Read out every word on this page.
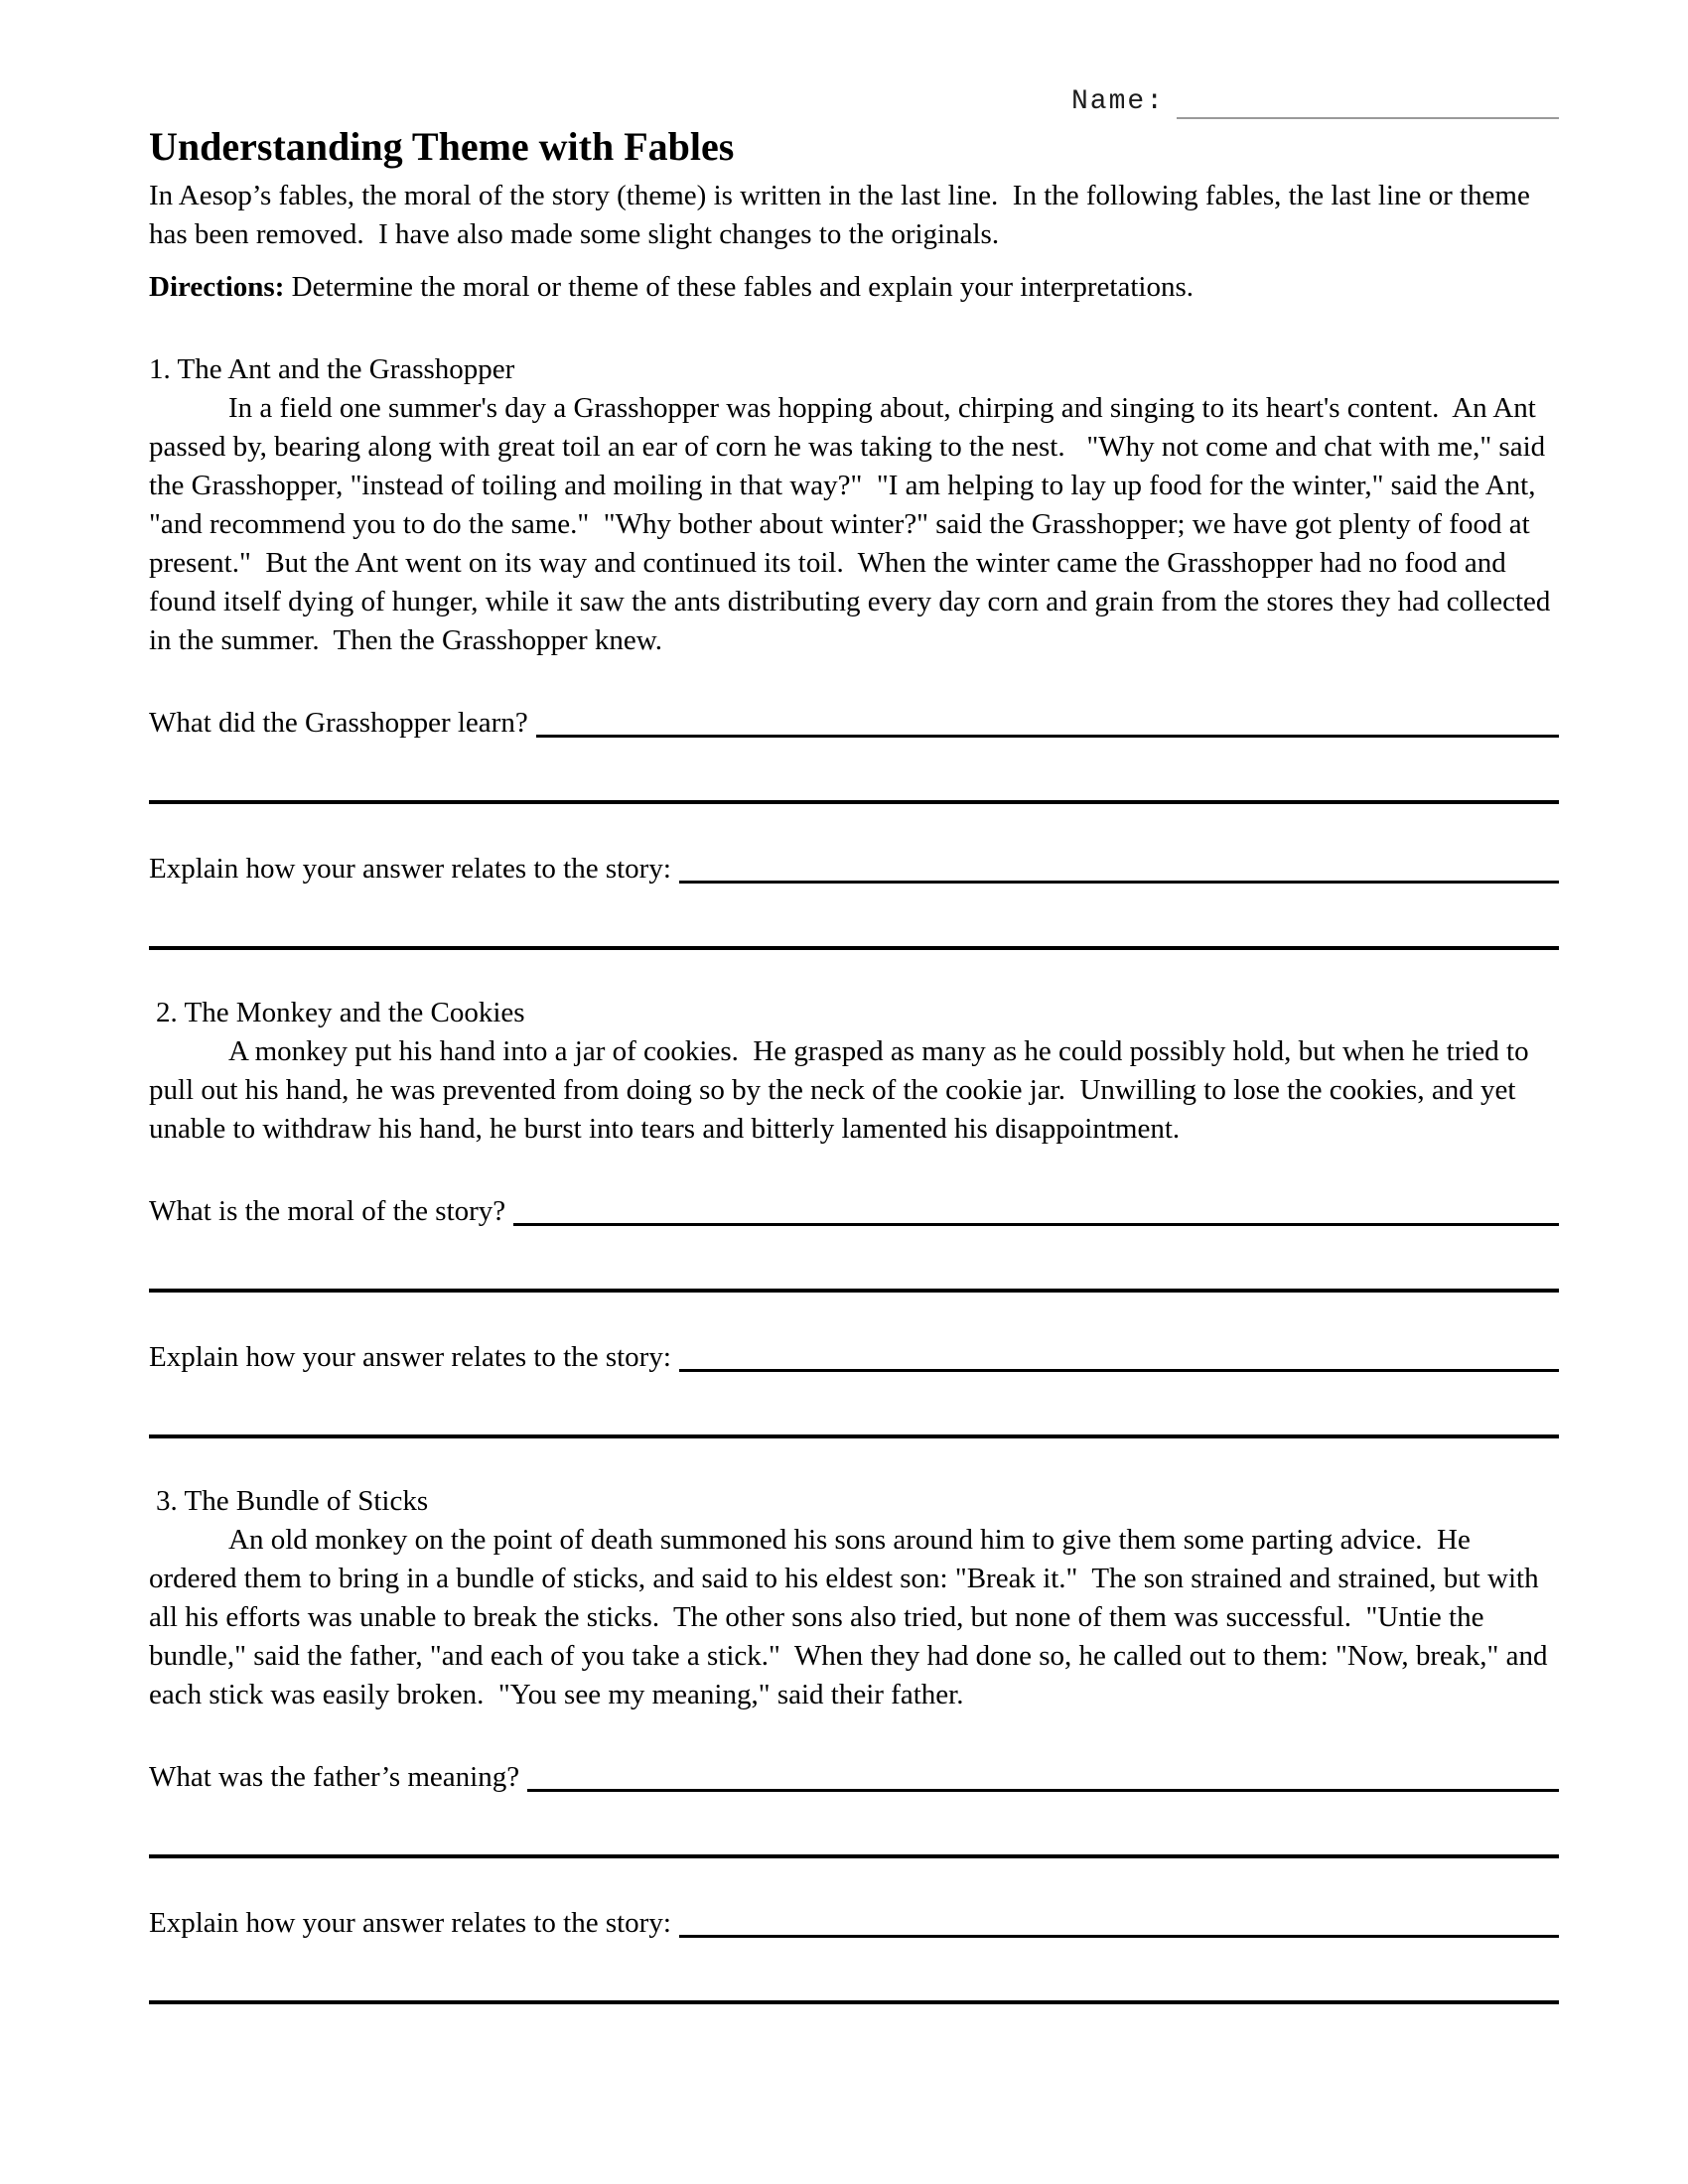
Name:
Understanding Theme with Fables
In Aesop’s fables, the moral of the story (theme) is written in the last line.  In the following fables, the last line or theme has been removed.  I have also made some slight changes to the originals.
Directions: Determine the moral or theme of these fables and explain your interpretations.
1. The Ant and the Grasshopper
In a field one summer's day a Grasshopper was hopping about, chirping and singing to its heart's content.  An Ant passed by, bearing along with great toil an ear of corn he was taking to the nest.   "Why not come and chat with me," said the Grasshopper, "instead of toiling and moiling in that way?"  "I am helping to lay up food for the winter," said the Ant, "and recommend you to do the same."  "Why bother about winter?" said the Grasshopper; we have got plenty of food at present."  But the Ant went on its way and continued its toil.  When the winter came the Grasshopper had no food and found itself dying of hunger, while it saw the ants distributing every day corn and grain from the stores they had collected in the summer.  Then the Grasshopper knew.
What did the Grasshopper learn?
Explain how your answer relates to the story:
2. The Monkey and the Cookies
A monkey put his hand into a jar of cookies.  He grasped as many as he could possibly hold, but when he tried to pull out his hand, he was prevented from doing so by the neck of the cookie jar.  Unwilling to lose the cookies, and yet unable to withdraw his hand, he burst into tears and bitterly lamented his disappointment.
What is the moral of the story?
Explain how your answer relates to the story:
3. The Bundle of Sticks
An old monkey on the point of death summoned his sons around him to give them some parting advice.  He ordered them to bring in a bundle of sticks, and said to his eldest son: "Break it."  The son strained and strained, but with all his efforts was unable to break the sticks.  The other sons also tried, but none of them was successful.  "Untie the bundle," said the father, "and each of you take a stick."  When they had done so, he called out to them: "Now, break," and each stick was easily broken.  "You see my meaning," said their father.
What was the father’s meaning?
Explain how your answer relates to the story:
